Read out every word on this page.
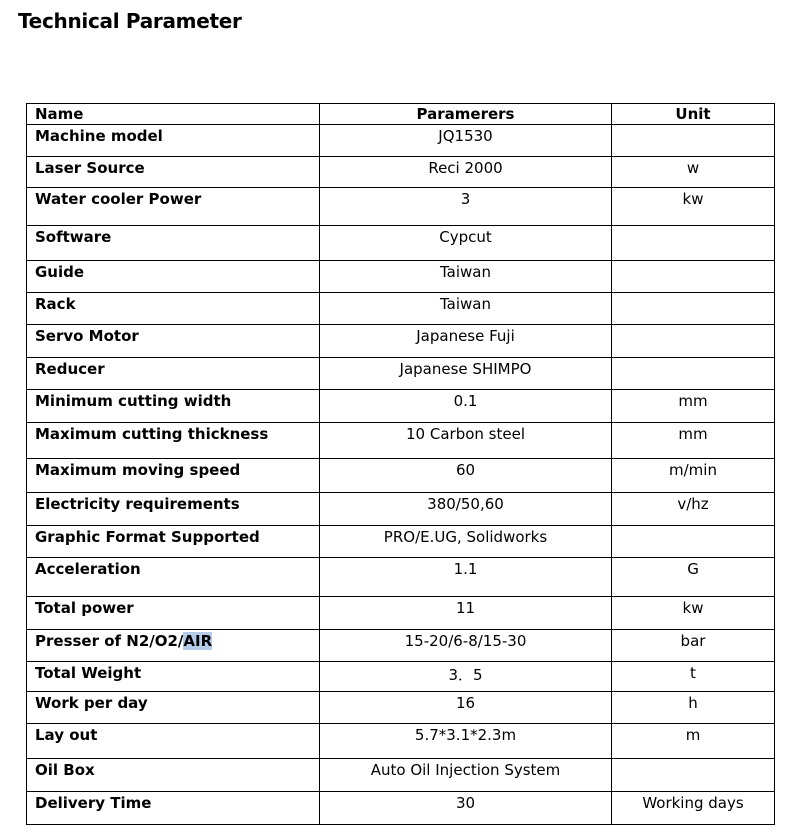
Technical Parameter
Name	Paramerers	Unit
Machine model	JQ1530	
Laser Source	Reci 2000	w
Water cooler Power	3	kw
Software	Cypcut	
Guide	Taiwan	
Rack	Taiwan	
Servo Motor	Japanese Fuji	
Reducer	Japanese SHIMPO	
Minimum cutting width	0.1	mm
Maximum cutting thickness	10 Carbon steel	mm
Maximum moving speed	60	m/min
Electricity requirements	380/50,60	v/hz
Graphic Format Supported	PRO/E.UG, Solidworks	
Acceleration	1.1	G
Total power	11	kw
Presser of N2/O2/AIR	15-20/6-8/15-30	bar
Total Weight	3．5	t
Work per day	16	h
Lay out	5.7*3.1*2.3m	m
Oil Box	Auto Oil Injection System	
Delivery Time	30	Working days
